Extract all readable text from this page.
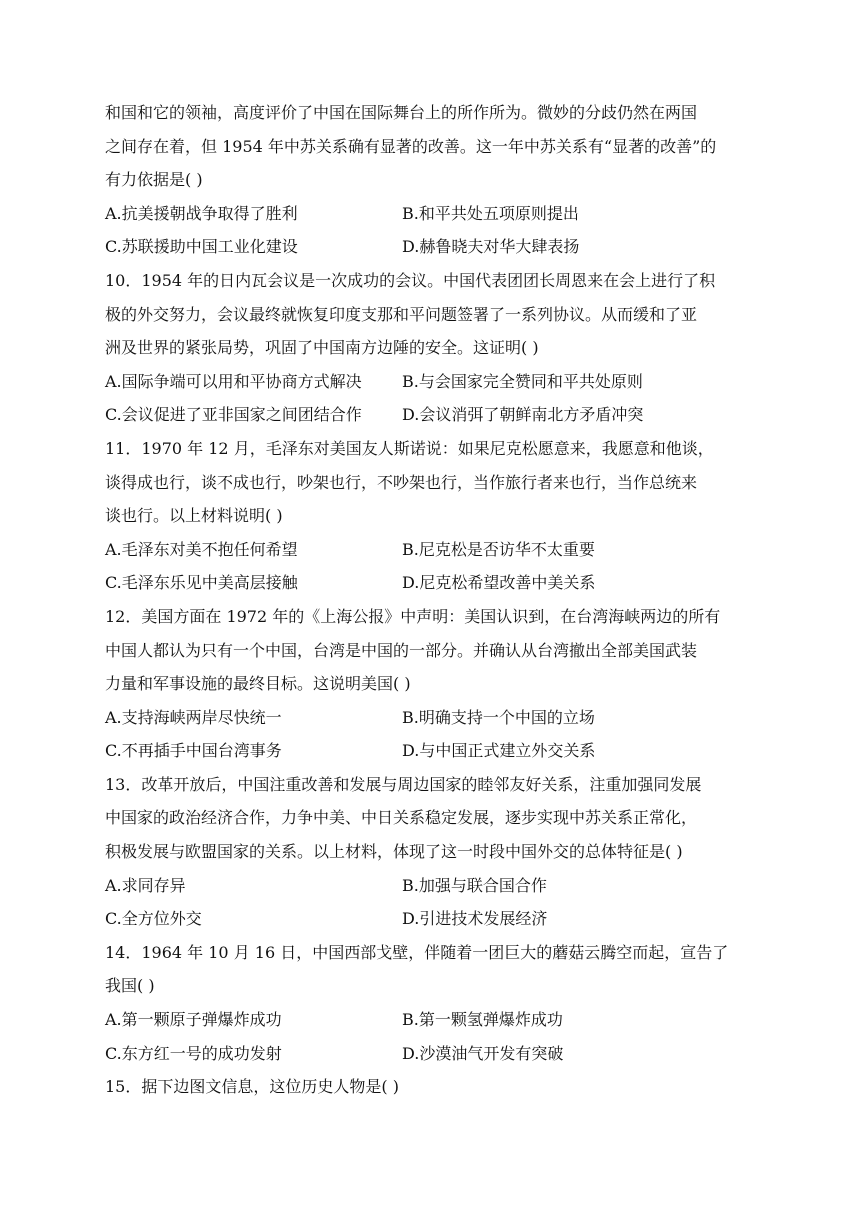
和国和它的领袖，高度评价了中国在国际舞台上的所作所为。微妙的分歧仍然在两国
之间存在着，但 1954 年中苏关系确有显著的改善。这一年中苏关系有“显著的改善”的
有力依据是( )
A.抗美援朝战争取得了胜利	B.和平共处五项原则提出
C.苏联援助中国工业化建设	D.赫鲁晓夫对华大肆表扬
10．1954 年的日内瓦会议是一次成功的会议。中国代表团团长周恩来在会上进行了积
极的外交努力，会议最终就恢复印度支那和平问题签署了一系列协议。从而缓和了亚
洲及世界的紧张局势，巩固了中国南方边陲的安全。这证明( )
A.国际争端可以用和平协商方式解决	B.与会国家完全赞同和平共处原则
C.会议促进了亚非国家之间团结合作	D.会议消弭了朝鲜南北方矛盾冲突
11．1970 年 12 月，毛泽东对美国友人斯诺说：如果尼克松愿意来，我愿意和他谈，
谈得成也行，谈不成也行，吵架也行，不吵架也行，当作旅行者来也行，当作总统来
谈也行。以上材料说明( )
A.毛泽东对美不抱任何希望	B.尼克松是否访华不太重要
C.毛泽东乐见中美高层接触	D.尼克松希望改善中美关系
12．美国方面在 1972 年的《上海公报》中声明：美国认识到，在台湾海峡两边的所有
中国人都认为只有一个中国，台湾是中国的一部分。并确认从台湾撤出全部美国武装
力量和军事设施的最终目标。这说明美国( )
A.支持海峡两岸尽快统一	B.明确支持一个中国的立场
C.不再插手中国台湾事务	D.与中国正式建立外交关系
13．改革开放后，中国注重改善和发展与周边国家的睦邻友好关系，注重加强同发展
中国家的政治经济合作，力争中美、中日关系稳定发展，逐步实现中苏关系正常化，
积极发展与欧盟国家的关系。以上材料，体现了这一时段中国外交的总体特征是( )
A.求同存异	B.加强与联合国合作
C.全方位外交	D.引进技术发展经济
14．1964 年 10 月 16 日，中国西部戈壁，伴随着一团巨大的蘑菇云腾空而起，宣告了
我国( )
A.第一颗原子弹爆炸成功	B.第一颗氢弹爆炸成功
C.东方红一号的成功发射	D.沙漠油气开发有突破
15．据下边图文信息，这位历史人物是( )
